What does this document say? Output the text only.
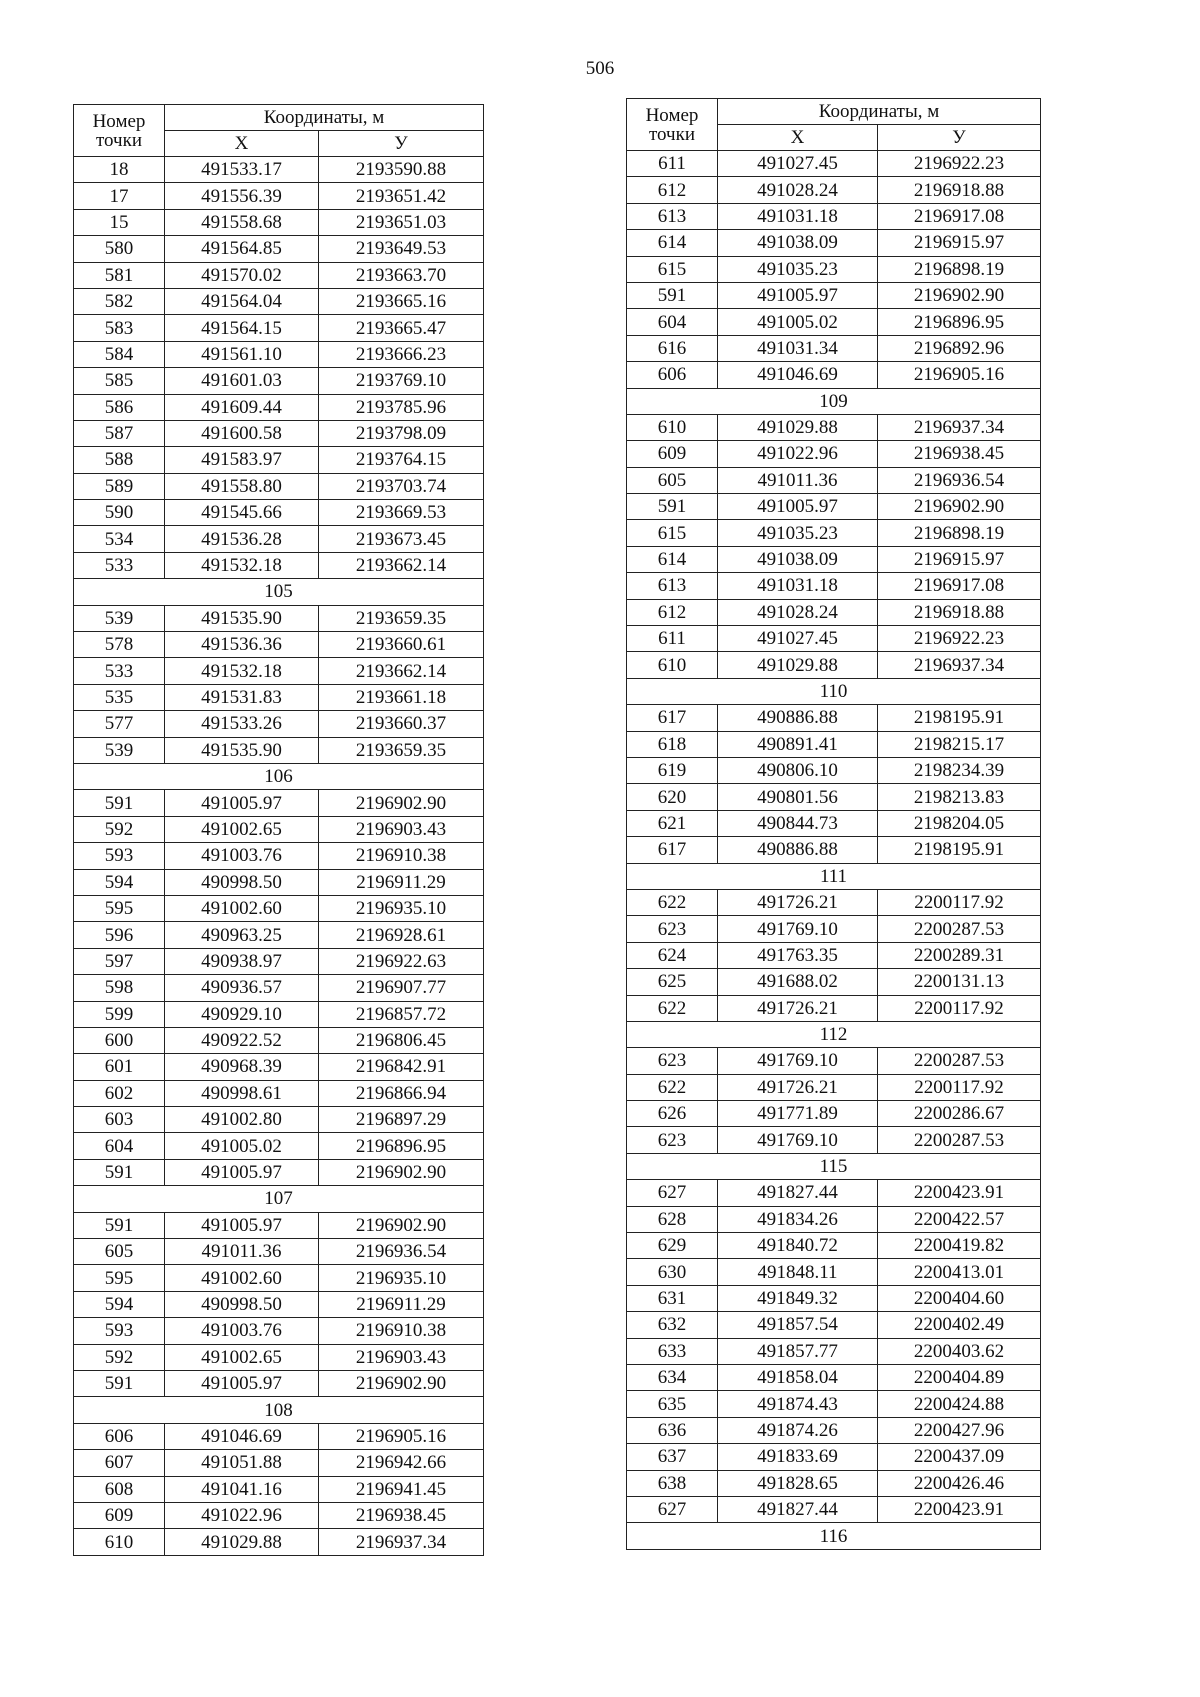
506
Номер
точки	Координаты, м	
	X	У
18	491533.17	2193590.88
17	491556.39	2193651.42
15	491558.68	2193651.03
580	491564.85	2193649.53
581	491570.02	2193663.70
582	491564.04	2193665.16
583	491564.15	2193665.47
584	491561.10	2193666.23
585	491601.03	2193769.10
586	491609.44	2193785.96
587	491600.58	2193798.09
588	491583.97	2193764.15
589	491558.80	2193703.74
590	491545.66	2193669.53
534	491536.28	2193673.45
533	491532.18	2193662.14
105		
539	491535.90	2193659.35
578	491536.36	2193660.61
533	491532.18	2193662.14
535	491531.83	2193661.18
577	491533.26	2193660.37
539	491535.90	2193659.35
106		
591	491005.97	2196902.90
592	491002.65	2196903.43
593	491003.76	2196910.38
594	490998.50	2196911.29
595	491002.60	2196935.10
596	490963.25	2196928.61
597	490938.97	2196922.63
598	490936.57	2196907.77
599	490929.10	2196857.72
600	490922.52	2196806.45
601	490968.39	2196842.91
602	490998.61	2196866.94
603	491002.80	2196897.29
604	491005.02	2196896.95
591	491005.97	2196902.90
107		
591	491005.97	2196902.90
605	491011.36	2196936.54
595	491002.60	2196935.10
594	490998.50	2196911.29
593	491003.76	2196910.38
592	491002.65	2196903.43
591	491005.97	2196902.90
108		
606	491046.69	2196905.16
607	491051.88	2196942.66
608	491041.16	2196941.45
609	491022.96	2196938.45
610	491029.88	2196937.34
Номер
точки	Координаты, м	
	X	У
611	491027.45	2196922.23
612	491028.24	2196918.88
613	491031.18	2196917.08
614	491038.09	2196915.97
615	491035.23	2196898.19
591	491005.97	2196902.90
604	491005.02	2196896.95
616	491031.34	2196892.96
606	491046.69	2196905.16
109		
610	491029.88	2196937.34
609	491022.96	2196938.45
605	491011.36	2196936.54
591	491005.97	2196902.90
615	491035.23	2196898.19
614	491038.09	2196915.97
613	491031.18	2196917.08
612	491028.24	2196918.88
611	491027.45	2196922.23
610	491029.88	2196937.34
110		
617	490886.88	2198195.91
618	490891.41	2198215.17
619	490806.10	2198234.39
620	490801.56	2198213.83
621	490844.73	2198204.05
617	490886.88	2198195.91
111		
622	491726.21	2200117.92
623	491769.10	2200287.53
624	491763.35	2200289.31
625	491688.02	2200131.13
622	491726.21	2200117.92
112		
623	491769.10	2200287.53
622	491726.21	2200117.92
626	491771.89	2200286.67
623	491769.10	2200287.53
115		
627	491827.44	2200423.91
628	491834.26	2200422.57
629	491840.72	2200419.82
630	491848.11	2200413.01
631	491849.32	2200404.60
632	491857.54	2200402.49
633	491857.77	2200403.62
634	491858.04	2200404.89
635	491874.43	2200424.88
636	491874.26	2200427.96
637	491833.69	2200437.09
638	491828.65	2200426.46
627	491827.44	2200423.91
116		
